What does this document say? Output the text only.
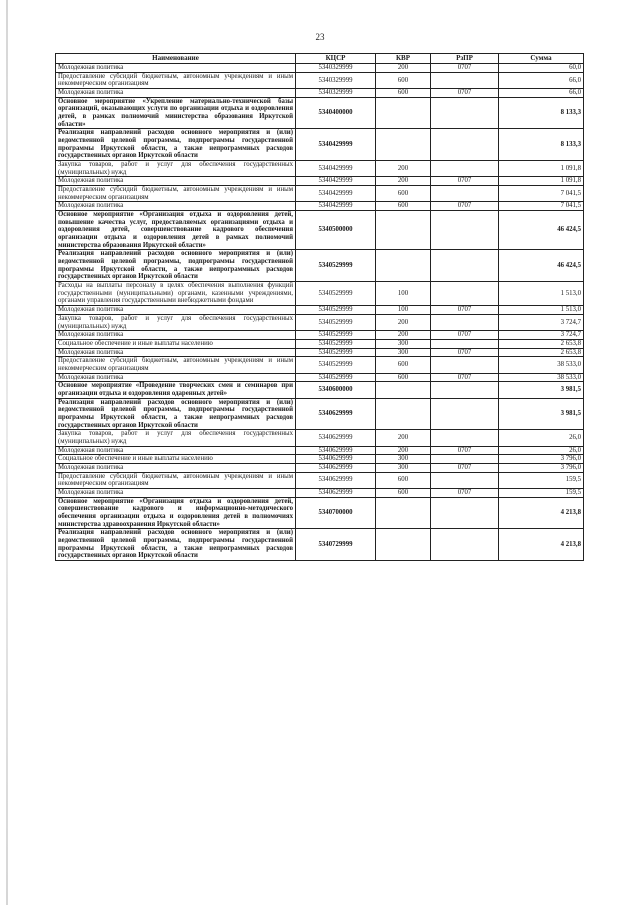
23
Наименование	КЦСР	КВР	РзПР	Сумма
Молодежная политика	5340329999	200	0707	60,0
Предоставление субсидий бюджетным, автономным учреждениям и иным некоммерческим организациям	5340329999	600		66,0
Молодежная политика	5340329999	600	0707	66,0
Основное мероприятие «Укрепление материально-технической базы организаций, оказывающих услуги по организации отдыха и оздоровления детей, в рамках полномочий министерства образования Иркутской области»	5340400000			8 133,3
Реализация направлений расходов основного мероприятия и (или) ведомственной целевой программы, подпрограммы государственной программы Иркутской области, а также непрограммных расходов государственных органов Иркутской области	5340429999			8 133,3
Закупка товаров, работ и услуг для обеспечения государственных (муниципальных) нужд	5340429999	200		1 091,8
Молодежная политика	5340429999	200	0707	1 091,8
Предоставление субсидий бюджетным, автономным учреждениям и иным некоммерческим организациям	5340429999	600		7 041,5
Молодежная политика	5340429999	600	0707	7 041,5
Основное мероприятие «Организация отдыха и оздоровления детей, повышение качества услуг, предоставляемых организациями отдыха и оздоровления детей, совершенствование кадрового обеспечения организации отдыха и оздоровления детей в рамках полномочий министерства образования Иркутской области»	5340500000			46 424,5
Реализация направлений расходов основного мероприятия и (или) ведомственной целевой программы, подпрограммы государственной программы Иркутской области, а также непрограммных расходов государственных органов Иркутской области	5340529999			46 424,5
Расходы на выплаты персоналу в целях обеспечения выполнения функций государственными (муниципальными) органами, казенными учреждениями, органами управления государственными внебюджетными фондами	5340529999	100		1 513,0
Молодежная политика	5340529999	100	0707	1 513,0
Закупка товаров, работ и услуг для обеспечения государственных (муниципальных) нужд	5340529999	200		3 724,7
Молодежная политика	5340529999	200	0707	3 724,7
Социальное обеспечение и иные выплаты населению	5340529999	300		2 653,8
Молодежная политика	5340529999	300	0707	2 653,8
Предоставление субсидий бюджетным, автономным учреждениям и иным некоммерческим организациям	5340529999	600		38 533,0
Молодежная политика	5340529999	600	0707	38 533,0
Основное мероприятие «Проведение творческих смен и семинаров при организации отдыха и оздоровления одаренных детей»	5340600000			3 981,5
Реализация направлений расходов основного мероприятия и (или) ведомственной целевой программы, подпрограммы государственной программы Иркутской области, а также непрограммных расходов государственных органов Иркутской области	5340629999			3 981,5
Закупка товаров, работ и услуг для обеспечения государственных (муниципальных) нужд	5340629999	200		26,0
Молодежная политика	5340629999	200	0707	26,0
Социальное обеспечение и иные выплаты населению	5340629999	300		3 796,0
Молодежная политика	5340629999	300	0707	3 796,0
Предоставление субсидий бюджетным, автономным учреждениям и иным некоммерческим организациям	5340629999	600		159,5
Молодежная политика	5340629999	600	0707	159,5
Основное мероприятие «Организация отдыха и оздоровления детей, совершенствование кадрового и информационно-методического обеспечения организации отдыха и оздоровления детей в полномочиях министерства здравоохранения Иркутской области»	5340700000			4 213,8
Реализация направлений расходов основного мероприятия и (или) ведомственной целевой программы, подпрограммы государственной программы Иркутской области, а также непрограммных расходов государственных органов Иркутской области	5340729999			4 213,8
